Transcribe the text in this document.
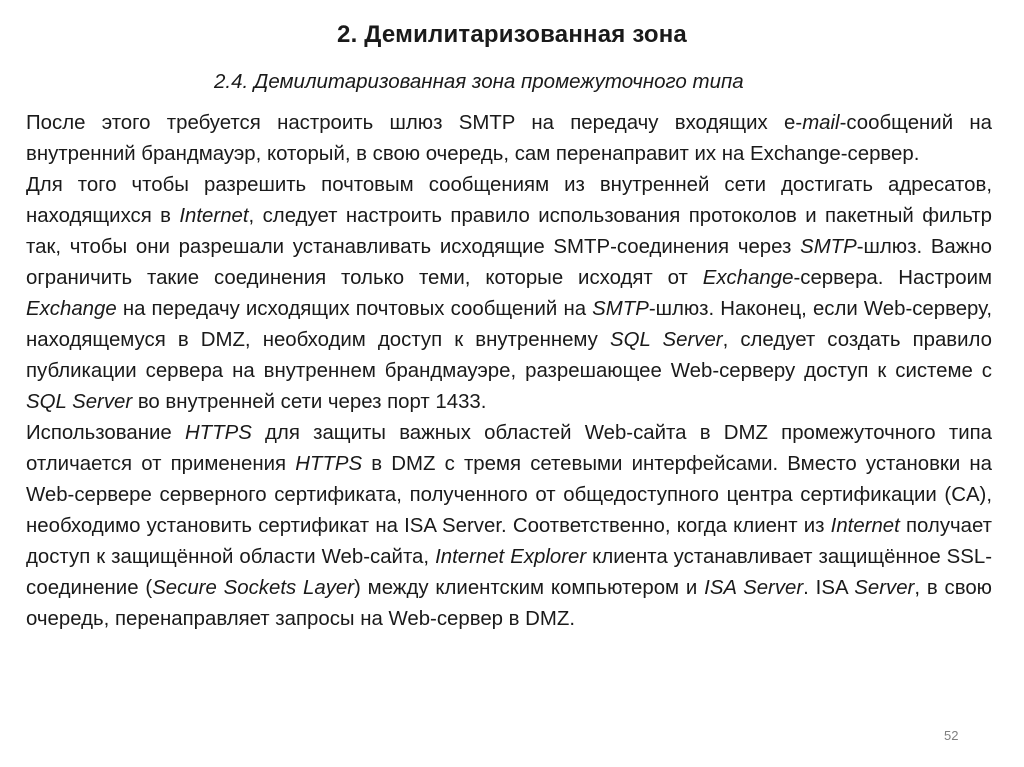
2. Демилитаризованная зона
2.4. Демилитаризованная зона промежуточного типа

После этого требуется настроить шлюз SMTP на передачу входящих e-mail-сообщений на внутренний брандмауэр, который, в свою очередь, сам перенаправит их на Exchange-сервер.

Для того чтобы разрешить почтовым сообщениям из внутренней сети достигать адресатов, находящихся в Internet, следует настроить правило использования протоколов и пакетный фильтр так, чтобы они разрешали устанавливать исходящие SMTP-соединения через SMTP-шлюз. Важно ограничить такие соединения только теми, которые исходят от Exchange-сервера. Настроим Exchange на передачу исходящих почтовых сообщений на SMTP-шлюз. Наконец, если Web-серверу, находящемуся в DMZ, необходим доступ к внутреннему SQL Server, следует создать правило публикации сервера на внутреннем брандмауэре, разрешающее Web-серверу доступ к системе с SQL Server во внутренней сети через порт 1433.

Использование HTTPS для защиты важных областей Web-сайта в DMZ промежуточного типа отличается от применения HTTPS в DMZ с тремя сетевыми интерфейсами. Вместо установки на Web-сервере серверного сертификата, полученного от общедоступного центра сертификации (CA), необходимо установить сертификат на ISA Server. Соответственно, когда клиент из Internet получает доступ к защищённой области Web-сайта, Internet Explorer клиента устанавливает защищённое SSL-соединение (Secure Sockets Layer) между клиентским компьютером и ISA Server. ISA Server, в свою очередь, перенаправляет запросы на Web-сервер в DMZ.

52
